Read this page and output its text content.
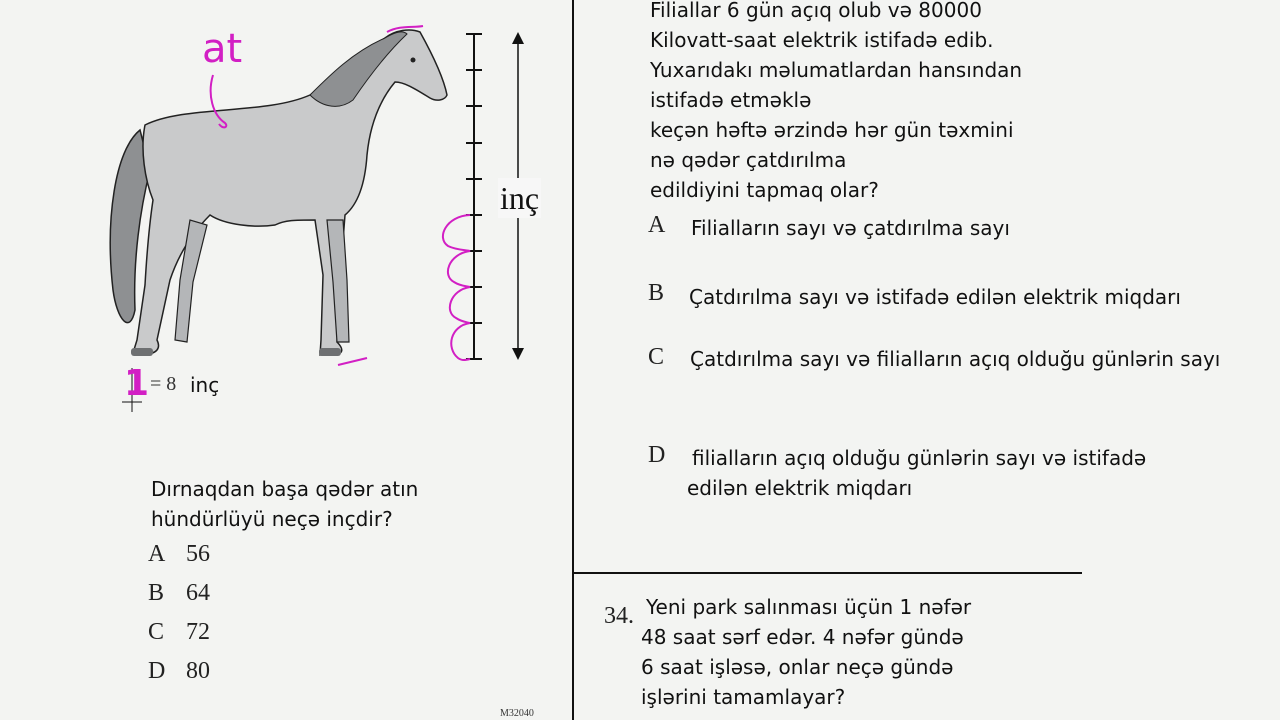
at
inç
1 = 8 inç
Dırnaqdan başa qədər atın
hündürlüyü neçə inçdir?
A 56
B 64
C 72
D 80
M32040
Filiallar 6 gün açıq olub və 80000
Kilovatt-saat elektrik istifadə edib.
Yuxarıdakı məlumatlardan hansından
istifadə etməklə
keçən həftə ərzində hər gün təxmini
nə qədər çatdırılma
edildiyini tapmaq olar?
A Filialların sayı və çatdırılma sayı
B Çatdırılma sayı və istifadə edilən elektrik miqdarı
C Çatdırılma sayı və filialların açıq olduğu günlərin sayı
D filialların açıq olduğu günlərin sayı və istifadə
edilən elektrik miqdarı
34. Yeni park salınması üçün 1 nəfər
48 saat sərf edər. 4 nəfər gündə
6 saat işləsə, onlar neçə gündə
işlərini tamamlayar?
